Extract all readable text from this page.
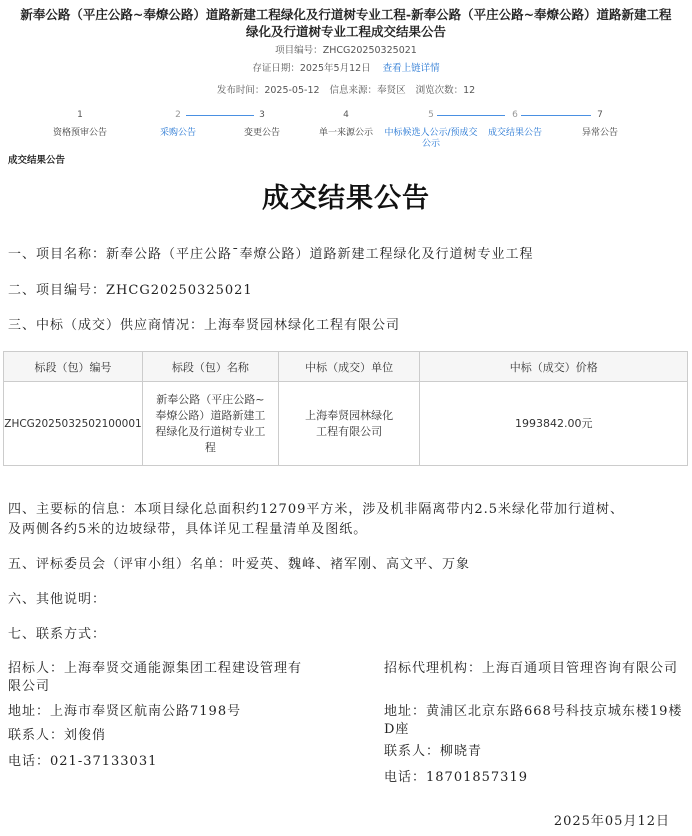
新奉公路（平庄公路~奉燎公路）道路新建工程绿化及行道树专业工程-新奉公路（平庄公路~奉燎公路）道路新建工程绿化及行道树专业工程成交结果公告
项目编号：ZHCG20250325021
存证日期：2025年5月12日 查看上链详情
发布时间：2025-05-12 信息来源：奉贤区 浏览次数：12
1
资格预审公告
2
采购公告
3
变更公告
4
单一来源公示
5
中标候选人公示/预成交公示
6
成交结果公告
7
异常公告
成交结果公告
成交结果公告
一、项目名称：新奉公路（平庄公路¯奉燎公路）道路新建工程绿化及行道树专业工程
二、项目编号：ZHCG20250325021
三、中标（成交）供应商情况：上海奉贤园林绿化工程有限公司
标段（包）编号	标段（包）名称	中标（成交）单位	中标（成交）价格
ZHCG2025032502100001	新奉公路（平庄公路~奉燎公路）道路新建工程绿化及行道树专业工程	上海奉贤园林绿化工程有限公司	1993842.00元
四、主要标的信息：本项目绿化总面积约12709平方米，涉及机非隔离带内2.5米绿化带加行道树、
及两侧各约5米的边坡绿带，具体详见工程量清单及图纸。
五、评标委员会（评审小组）名单：叶爱英、魏峰、褚军刚、高文平、万象
六、其他说明：
七、联系方式：
招标人：上海奉贤交通能源集团工程建设管理有限公司
地址：上海市奉贤区航南公路7198号
联系人：刘俊俏
电话：021-37133031
招标代理机构：上海百通项目管理咨询有限公司
地址：黄浦区北京东路668号科技京城东楼19楼D座
联系人：柳晓青
电话：18701857319
2025年05月12日
